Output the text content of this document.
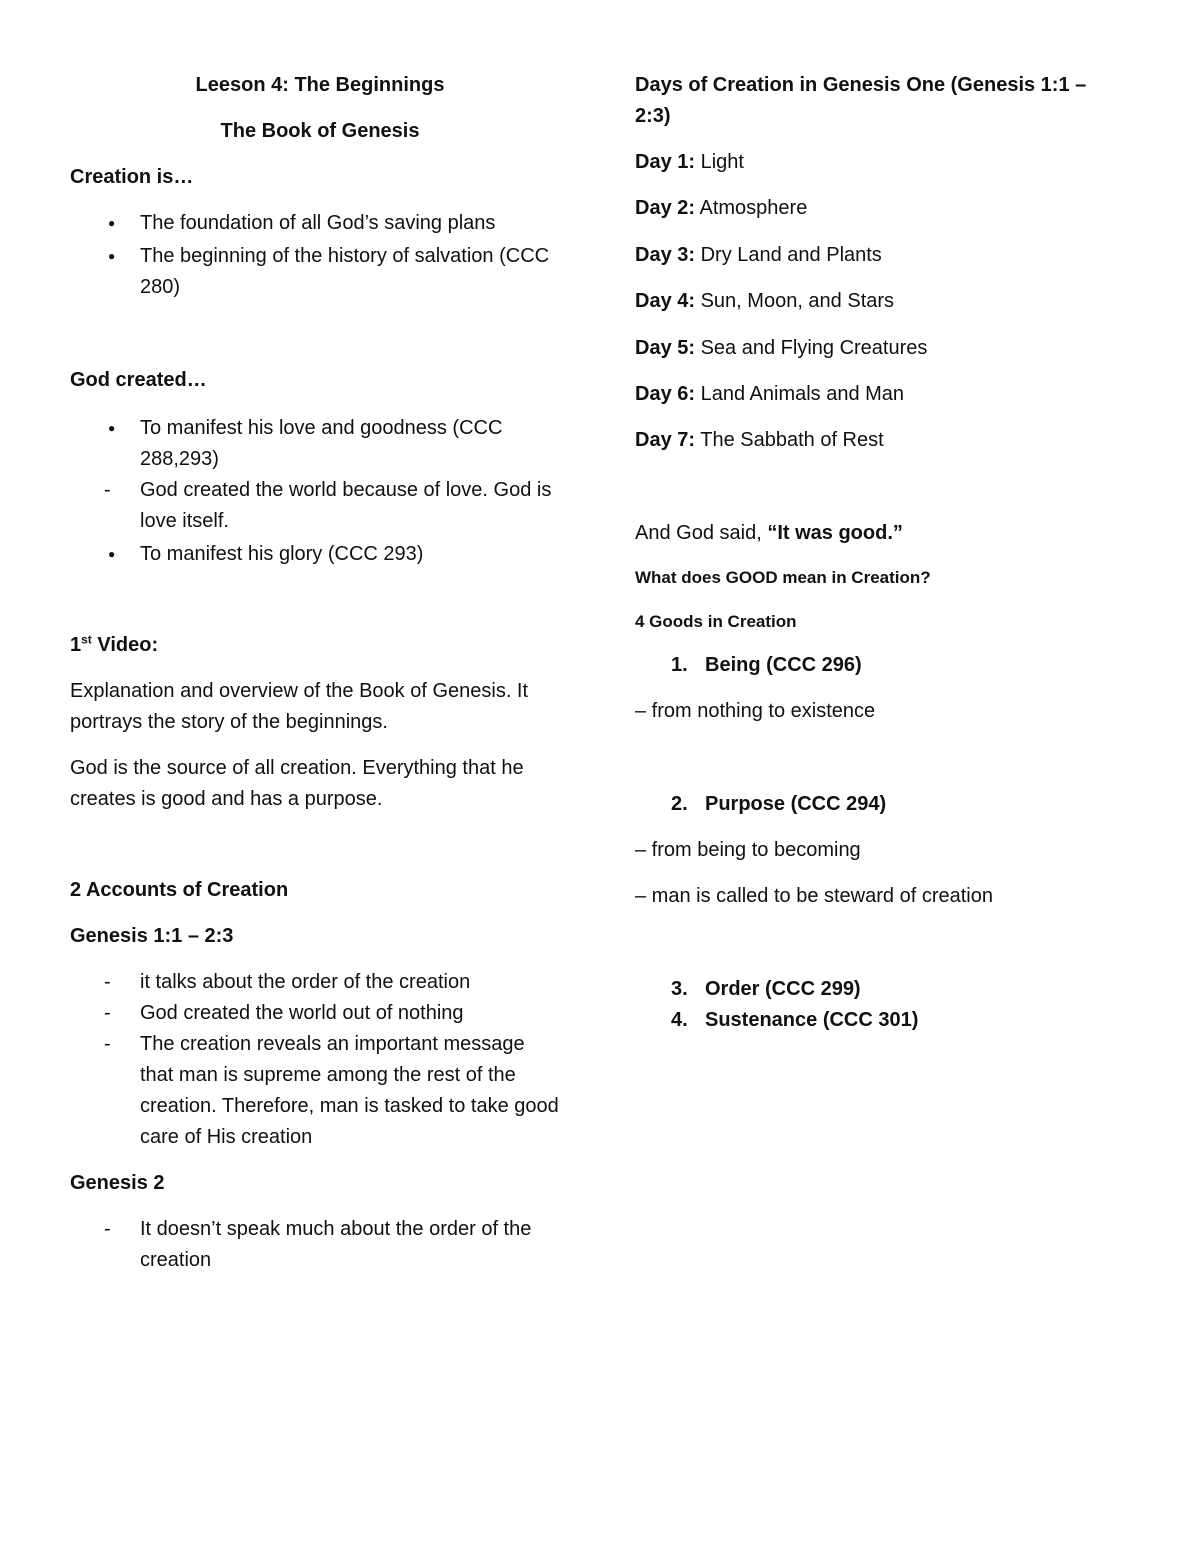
Leeson 4: The Beginnings

The Book of Genesis

Creation is…

●	The foundation of all God’s saving plans
●	The beginning of the history of salvation (CCC 280)

God created…

●	To manifest his love and goodness (CCC 288,293)
-	God created the world because of love. God is love itself.
●	To manifest his glory (CCC 293)

1st Video:

Explanation and overview of the Book of Genesis. It portrays the story of the beginnings.

God is the source of all creation. Everything that he creates is good and has a purpose.

2 Accounts of Creation

Genesis 1:1 – 2:3

-	it talks about the order of the creation
-	God created the world out of nothing
-	The creation reveals an important message that man is supreme among the rest of the creation. Therefore, man is tasked to take good care of His creation

Genesis 2

-	It doesn’t speak much about the order of the creation

Days of Creation in Genesis One (Genesis 1:1 – 2:3)

Day 1: Light

Day 2: Atmosphere

Day 3: Dry Land and Plants

Day 4: Sun, Moon, and Stars

Day 5: Sea and Flying Creatures

Day 6: Land Animals and Man

Day 7: The Sabbath of Rest

And God said, “It was good.”

What does GOOD mean in Creation?

4 Goods in Creation

1. Being (CCC 296)

– from nothing to existence

2. Purpose (CCC 294)

– from being to becoming

– man is called to be steward of creation

3. Order (CCC 299)
4. Sustenance (CCC 301)
